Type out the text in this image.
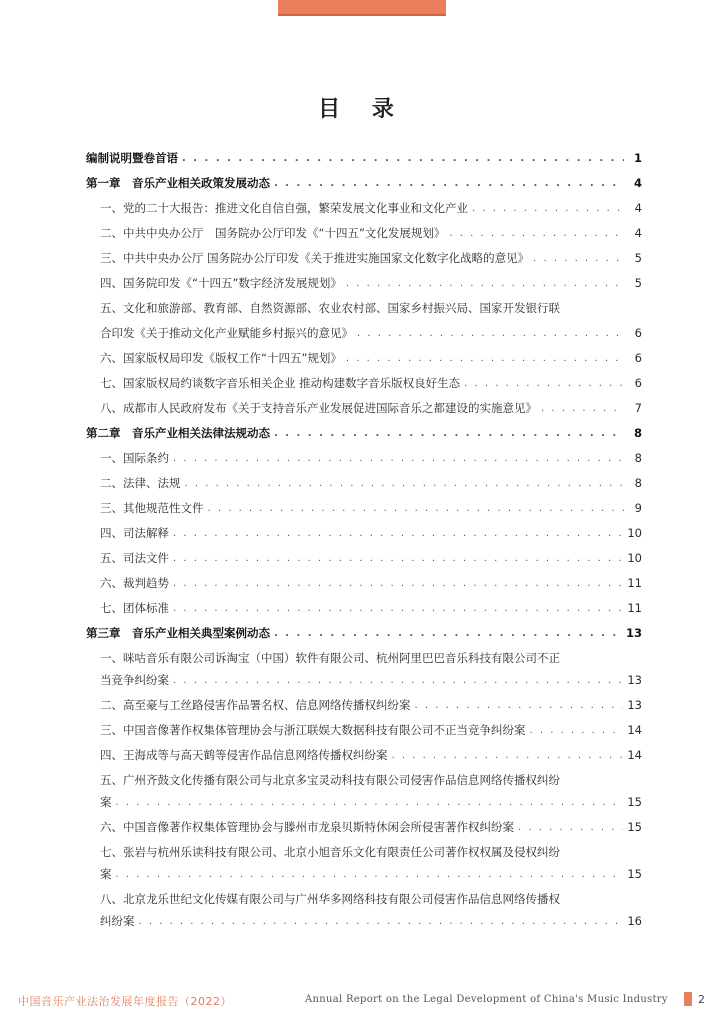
目 录
编制说明暨卷首语 . . .	1
第一章　音乐产业相关政策发展动态 . . .	4
一、党的二十大报告：推进文化自信自强，繁荣发展文化事业和文化产业 . . .	4
二、中共中央办公厅　国务院办公厅印发《“十四五”文化发展规划》 . . .	4
三、中共中央办公厅 国务院办公厅印发《关于推进实施国家文化数字化战略的意见》 . . .	5
四、国务院印发《“十四五”数字经济发展规划》 . . .	5
五、文化和旅游部、教育部、自然资源部、农业农村部、国家乡村振兴局、国家开发银行联
合印发《关于推动文化产业赋能乡村振兴的意见》 . . .	6
六、国家版权局印发《版权工作“十四五”规划》 . . .	6
七、国家版权局约谈数字音乐相关企业 推动构建数字音乐版权良好生态 . . .	6
八、成都市人民政府发布《关于支持音乐产业发展促进国际音乐之都建设的实施意见》 . . .	7
第二章　音乐产业相关法律法规动态 . . .	8
一、国际条约 . . .	8
二、法律、法规 . . .	8
三、其他规范性文件 . . .	9
四、司法解释 . . .	10
五、司法文件 . . .	10
六、裁判趋势 . . .	11
七、团体标准 . . .	11
第三章　音乐产业相关典型案例动态 . . .	13
一、咪咕音乐有限公司诉淘宝（中国）软件有限公司、杭州阿里巴巴音乐科技有限公司不正
当竞争纠纷案 . . .	13
二、高至豪与工丝路侵害作品署名权、信息网络传播权纠纷案 . . .	13
三、中国音像著作权集体管理协会与浙江联娱大数据科技有限公司不正当竞争纠纷案 . . .	14
四、王海成等与高天鹤等侵害作品信息网络传播权纠纷案 . . .	14
五、广州齐鼓文化传播有限公司与北京多宝灵动科技有限公司侵害作品信息网络传播权纠纷
案 . . .	15
六、中国音像著作权集体管理协会与滕州市龙泉贝斯特休闲会所侵害著作权纠纷案 . . .	15
七、张岩与杭州乐读科技有限公司、北京小旭音乐文化有限责任公司著作权权属及侵权纠纷
案 . . .	15
八、北京龙乐世纪文化传媒有限公司与广州华多网络科技有限公司侵害作品信息网络传播权
纠纷案 . . .	16
中国音乐产业法治发展年度报告（2022）	Annual Report on the Legal Development of China's Music Industry	2
